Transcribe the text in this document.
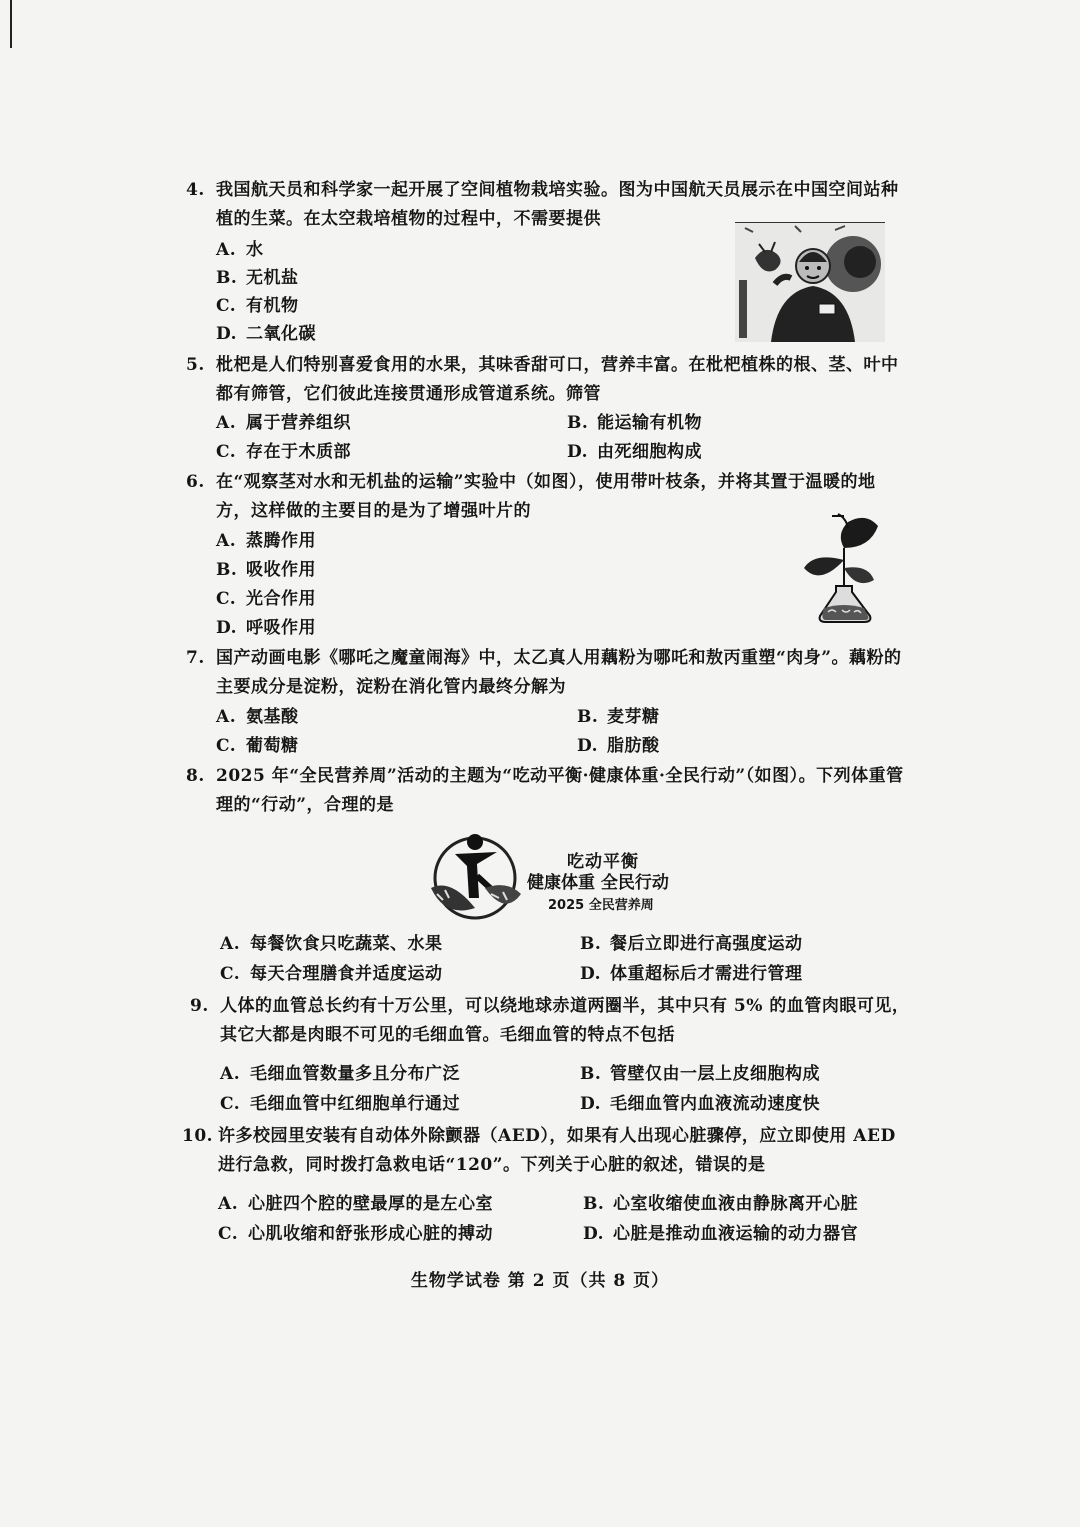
4. 我国航天员和科学家一起开展了空间植物栽培实验。图为中国航天员展示在中国空间站种植的生菜。在太空栽培植物的过程中，不需要提供
A. 水
B. 无机盐
C. 有机物
D. 二氧化碳
5. 枇杷是人们特别喜爱食用的水果，其味香甜可口，营养丰富。在枇杷植株的根、茎、叶中都有筛管，它们彼此连接贯通形成管道系统。筛管
A. 属于营养组织	B. 能运输有机物
C. 存在于木质部	D. 由死细胞构成
6. 在“观察茎对水和无机盐的运输”实验中（如图），使用带叶枝条，并将其置于温暖的地方，这样做的主要目的是为了增强叶片的
A. 蒸腾作用
B. 吸收作用
C. 光合作用
D. 呼吸作用
7. 国产动画电影《哪吒之魔童闹海》中，太乙真人用藕粉为哪吒和敖丙重塑“肉身”。藕粉的主要成分是淀粉，淀粉在消化管内最终分解为
A. 氨基酸	B. 麦芽糖
C. 葡萄糖	D. 脂肪酸
8. 2025 年“全民营养周”活动的主题为“吃动平衡·健康体重·全民行动”（如图）。下列体重管理的“行动”，合理的是
吃动平衡
健康体重 全民行动
2025 全民营养周
A. 每餐饮食只吃蔬菜、水果	B. 餐后立即进行高强度运动
C. 每天合理膳食并适度运动	D. 体重超标后才需进行管理
9. 人体的血管总长约有十万公里，可以绕地球赤道两圈半，其中只有 5% 的血管肉眼可见，其它大都是肉眼不可见的毛细血管。毛细血管的特点不包括
A. 毛细血管数量多且分布广泛	B. 管壁仅由一层上皮细胞构成
C. 毛细血管中红细胞单行通过	D. 毛细血管内血液流动速度快
10. 许多校园里安装有自动体外除颤器（AED），如果有人出现心脏骤停，应立即使用 AED 进行急救，同时拨打急救电话“120”。下列关于心脏的叙述，错误的是
A. 心脏四个腔的壁最厚的是左心室	B. 心室收缩使血液由静脉离开心脏
C. 心肌收缩和舒张形成心脏的搏动	D. 心脏是推动血液运输的动力器官
生物学试卷 第 2 页（共 8 页）
